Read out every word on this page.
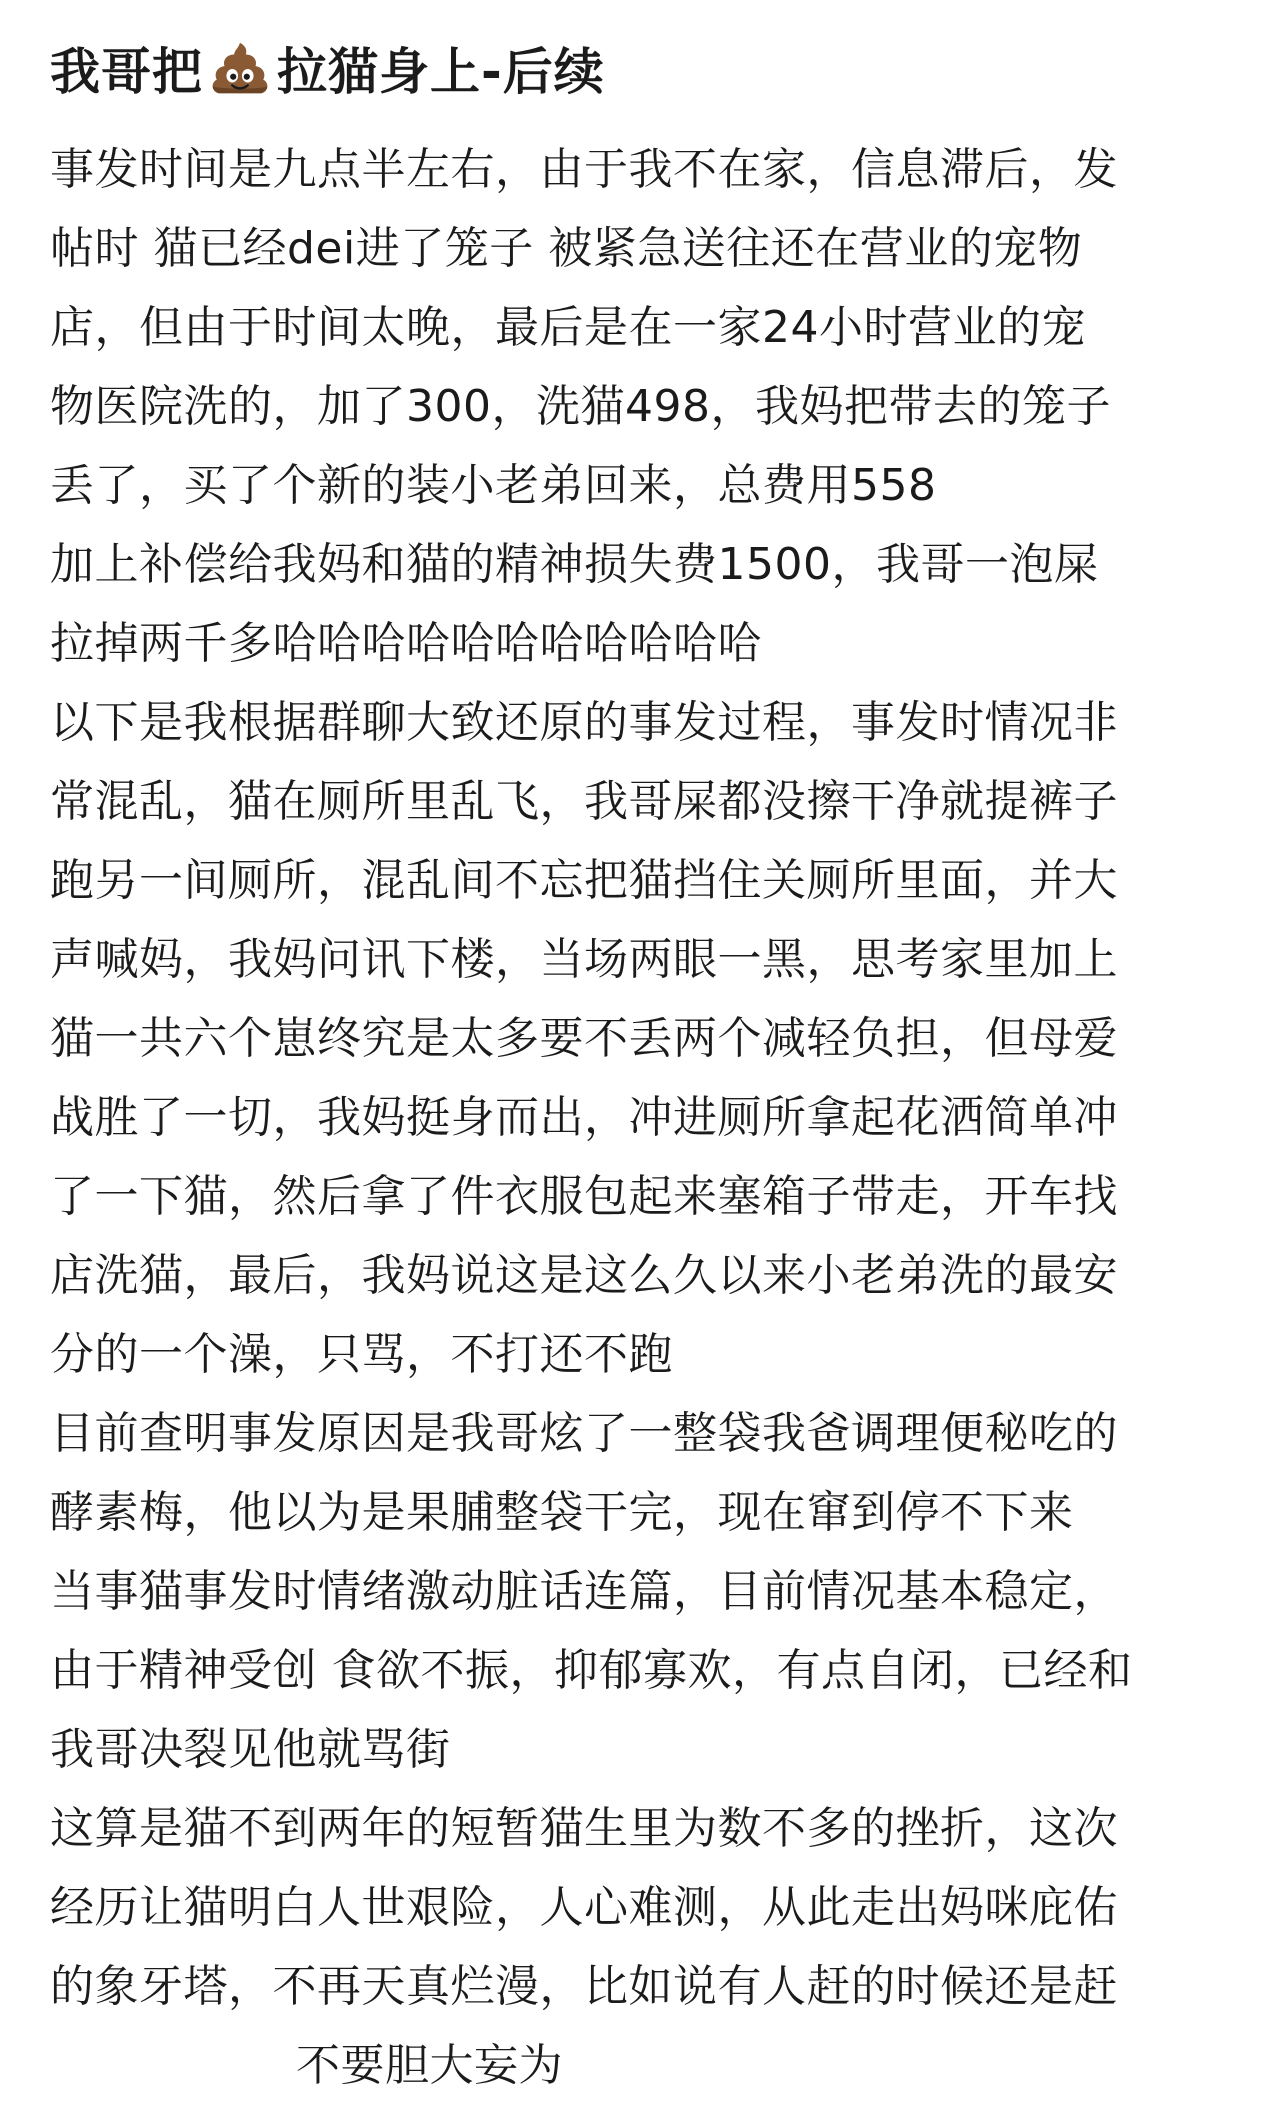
我哥把 拉猫身上-后续
事发时间是九点半左右，由于我不在家，信息滞后，发
帖时 猫已经dei进了笼子 被紧急送往还在营业的宠物
店，但由于时间太晚，最后是在一家24小时营业的宠
物医院洗的，加了300，洗猫498，我妈把带去的笼子
丢了，买了个新的装小老弟回来，总费用558
加上补偿给我妈和猫的精神损失费1500，我哥一泡屎
拉掉两千多哈哈哈哈哈哈哈哈哈哈哈
以下是我根据群聊大致还原的事发过程，事发时情况非
常混乱，猫在厕所里乱飞，我哥屎都没擦干净就提裤子
跑另一间厕所，混乱间不忘把猫挡住关厕所里面，并大
声喊妈，我妈问讯下楼，当场两眼一黑，思考家里加上
猫一共六个崽终究是太多要不丢两个减轻负担，但母爱
战胜了一切，我妈挺身而出，冲进厕所拿起花洒简单冲
了一下猫，然后拿了件衣服包起来塞箱子带走，开车找
店洗猫，最后，我妈说这是这么久以来小老弟洗的最安
分的一个澡，只骂，不打还不跑
目前查明事发原因是我哥炫了一整袋我爸调理便秘吃的
酵素梅，他以为是果脯整袋干完，现在窜到停不下来
当事猫事发时情绪激动脏话连篇，目前情况基本稳定，
由于精神受创 食欲不振，抑郁寡欢，有点自闭，已经和
我哥决裂见他就骂街
这算是猫不到两年的短暂猫生里为数不多的挫折，这次
经历让猫明白人世艰险，人心难测，从此走出妈咪庇佑
的象牙塔，不再天真烂漫，比如说有人赶的时候还是赶
不要胆大妄为
